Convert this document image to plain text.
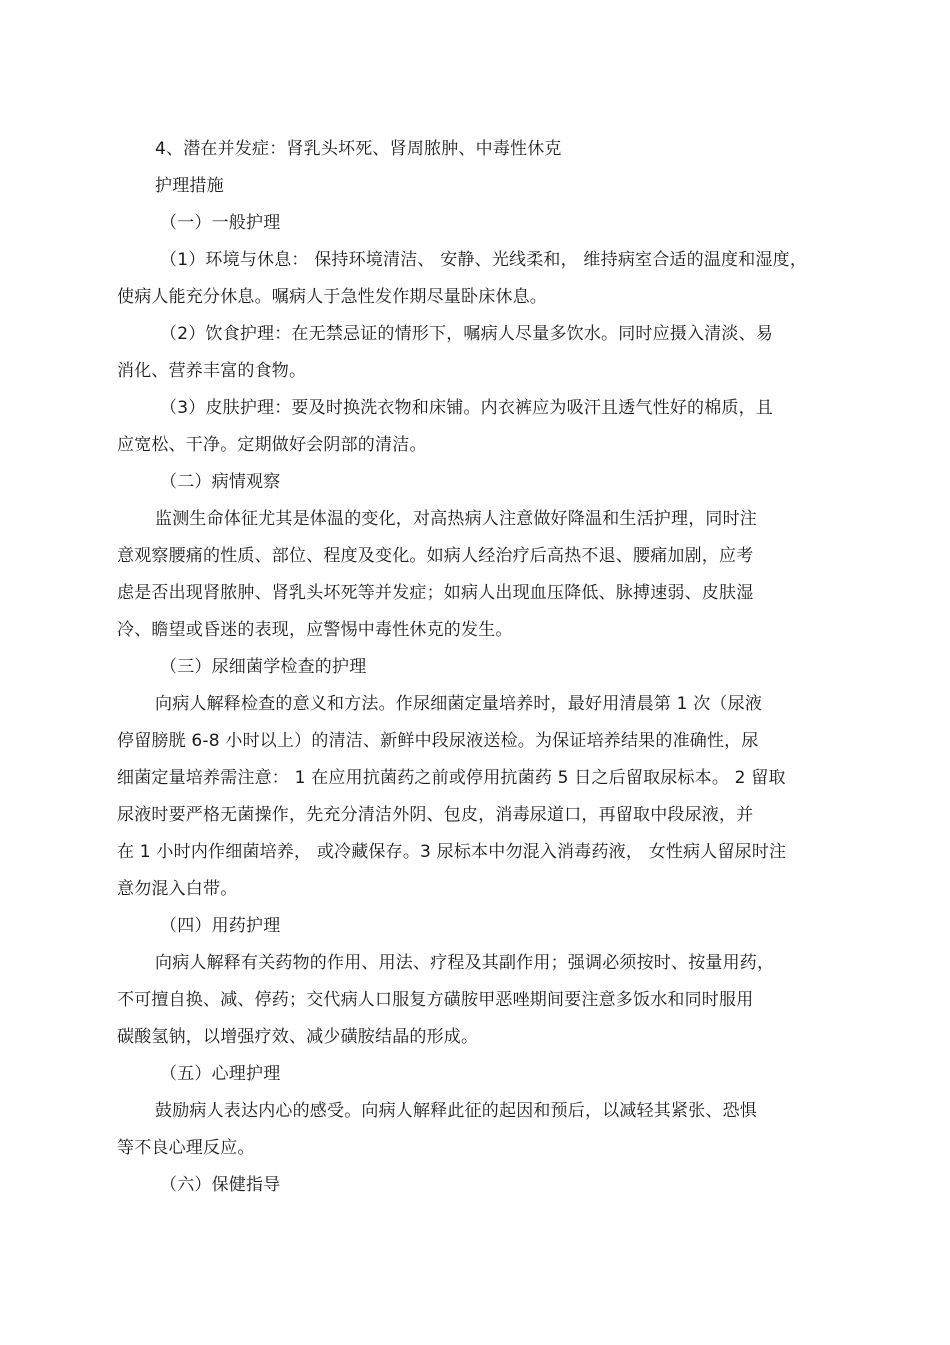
4、潜在并发症：肾乳头坏死、肾周脓肿、中毒性休克
护理措施
（一）一般护理
（1）环境与休息： 保持环境清洁、 安静、光线柔和， 维持病室合适的温度和湿度，
使病人能充分休息。嘱病人于急性发作期尽量卧床休息。
（2）饮食护理：在无禁忌证的情形下，嘱病人尽量多饮水。同时应摄入清淡、易
消化、营养丰富的食物。
（3）皮肤护理：要及时换洗衣物和床铺。内衣裤应为吸汗且透气性好的棉质，且
应宽松、干净。定期做好会阴部的清洁。
（二）病情观察
监测生命体征尤其是体温的变化，对高热病人注意做好降温和生活护理，同时注
意观察腰痛的性质、部位、程度及变化。如病人经治疗后高热不退、腰痛加剧，应考
虑是否出现肾脓肿、肾乳头坏死等并发症；如病人出现血压降低、脉搏速弱、皮肤湿
冷、瞻望或昏迷的表现，应警惕中毒性休克的发生。
（三）尿细菌学检查的护理
向病人解释检查的意义和方法。作尿细菌定量培养时，最好用清晨第 1 次（尿液
停留膀胱 6-8 小时以上）的清洁、新鲜中段尿液送检。为保证培养结果的准确性，尿
细菌定量培养需注意： 1 在应用抗菌药之前或停用抗菌药 5 日之后留取尿标本。 2 留取
尿液时要严格无菌操作，先充分清洁外阴、包皮，消毒尿道口，再留取中段尿液，并
在 1 小时内作细菌培养， 或冷藏保存。3 尿标本中勿混入消毒药液， 女性病人留尿时注
意勿混入白带。
（四）用药护理
向病人解释有关药物的作用、用法、疗程及其副作用；强调必须按时、按量用药，
不可擅自换、减、停药；交代病人口服复方磺胺甲恶唑期间要注意多饭水和同时服用
碳酸氢钠，以增强疗效、减少磺胺结晶的形成。
（五）心理护理
鼓励病人表达内心的感受。向病人解释此征的起因和预后，以减轻其紧张、恐惧
等不良心理反应。
（六）保健指导
